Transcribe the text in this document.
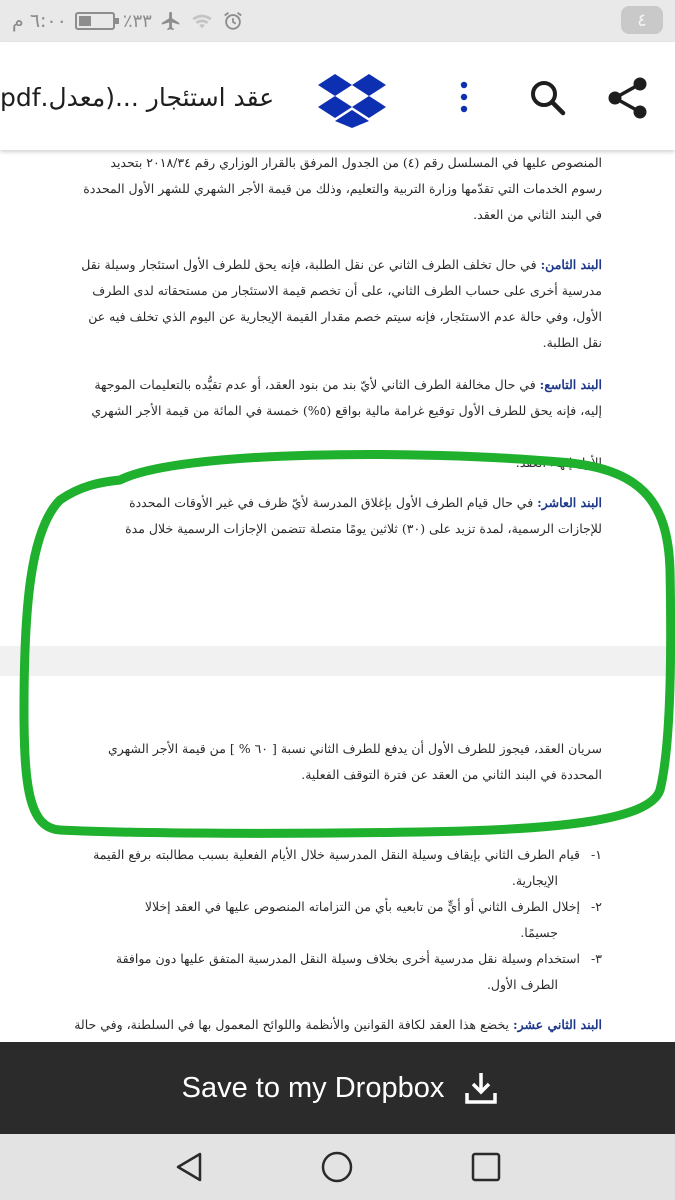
٦:٠٠ م	٪٣٣	٤
عقد استئجار ...(معدل.pdf
المنصوص عليها في المسلسل رقم (٤) من الجدول المرفق بالقرار الوزاري رقم ٢٠١٨/٣٤ بتحديد
رسوم الخدمات التي تقدّمها وزارة التربية والتعليم، وذلك من قيمة الأجر الشهري للشهر الأول المحددة
في البند الثاني من العقد.
البند الثامن: في حال تخلف الطرف الثاني عن نقل الطلبة، فإنه يحق للطرف الأول استئجار وسيلة نقل
مدرسية أخرى على حساب الطرف الثاني، على أن تخصم قيمة الاستئجار من مستحقاته لدى الطرف
الأول، وفي حالة عدم الاستئجار، فإنه سيتم خصم مقدار القيمة الإيجارية عن اليوم الذي تخلف فيه عن
نقل الطلبة.
البند التاسع: في حال مخالفة الطرف الثاني لأيّ بند من بنود العقد، أو عدم تقيُّده بالتعليمات الموجهة
إليه، فإنه يحق للطرف الأول توقيع غرامة مالية بواقع (٥%) خمسة في المائة من قيمة الأجر الشهري
الأول إنهاء العقد.
البند العاشر: في حال قيام الطرف الأول بإغلاق المدرسة لأيّ ظرف في غير الأوقات المحددة
للإجازات الرسمية، لمدة تزيد على (٣٠) ثلاثين يومًا متصلة تتضمن الإجازات الرسمية خلال مدة
سريان العقد، فيجوز للطرف الأول أن يدفع للطرف الثاني نسبة [ ٦٠ % ] من قيمة الأجر الشهري
المحددة في البند الثاني من العقد عن فترة التوقف الفعلية.
١-قيام الطرف الثاني بإيقاف وسيلة النقل المدرسية خلال الأيام الفعلية بسبب مطالبته برفع القيمة
الإيجارية.
٢-إخلال الطرف الثاني أو أيٍّ من تابعيه بأي من التزاماته المنصوص عليها في العقد إخلالا
جسيمًا.
٣-استخدام وسيلة نقل مدرسية أخرى بخلاف وسيلة النقل المدرسية المتفق عليها دون موافقة
الطرف الأول.
البند الثاني عشر: يخضع هذا العقد لكافة القوانين والأنظمة واللوائح المعمول بها في السلطنة، وفي حالة
Save to my Dropbox
